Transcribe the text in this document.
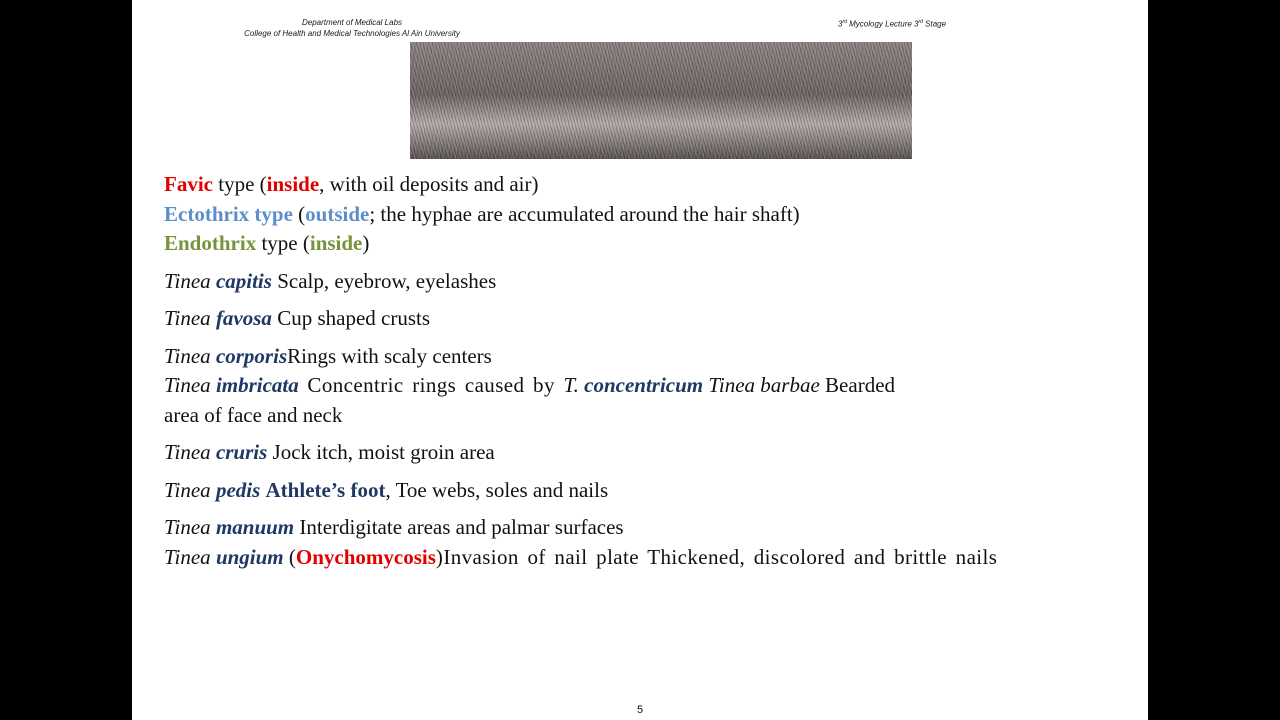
Department of Medical Labs
College of Health and Medical Technologies Al Ain University
3rd Mycology Lecture 3rd Stage
Favic type (inside, with oil deposits and air)
Ectothrix type (outside; the hyphae are accumulated around the hair shaft)
Endothrix type (inside)
Tinea capitis Scalp, eyebrow, eyelashes
Tinea favosa Cup shaped crusts
Tinea corporisRings with scaly centers
Tinea imbricata Concentric rings caused by T. concentricum Tinea barbae Bearded
area of face and neck
Tinea cruris Jock itch, moist groin area
Tinea pedis Athlete’s foot, Toe webs, soles and nails
Tinea manuum Interdigitate areas and palmar surfaces
Tinea ungium (Onychomycosis)Invasion of nail plate Thickened, discolored and brittle nails
5
